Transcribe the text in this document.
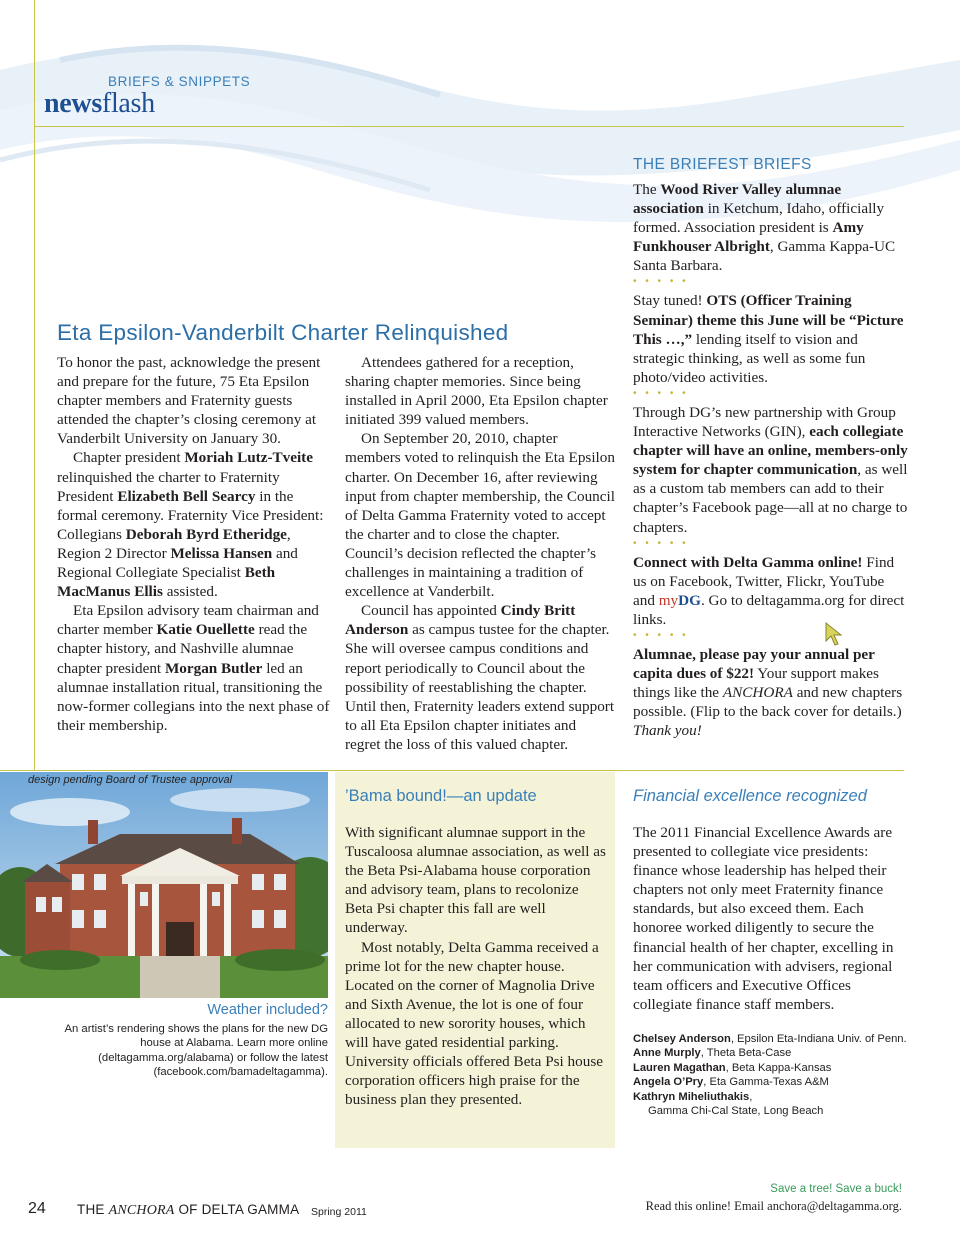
BRIEFS & SNIPPETS
newsflash
THE BRIEFEST BRIEFS

The Wood River Valley alumnae association in Ketchum, Idaho, officially formed. Association president is Amy Funkhouser Albright, Gamma Kappa-UC Santa Barbara.

• • • • •

Stay tuned! OTS (Officer Training Seminar) theme this June will be “Picture This …,” lending itself to vision and strategic thinking, as well as some fun photo/video activities.

• • • • •

Through DG’s new partnership with Group Interactive Networks (GIN), each collegiate chapter will have an online, members-only system for chapter communication, as well as a custom tab members can add to their chapter’s Facebook page—all at no charge to chapters.

• • • • •

Connect with Delta Gamma online! Find us on Facebook, Twitter, Flickr, YouTube and myDG. Go to deltagamma.org for direct links.

• • • • •

Alumnae, please pay your annual per capita dues of $22! Your support makes things like the ANCHORA and new chapters possible. (Flip to the back cover for details.) Thank you!

Eta Epsilon-Vanderbilt Charter Relinquished

To honor the past, acknowledge the present and prepare for the future, 75 Eta Epsilon chapter members and Fraternity guests attended the chapter’s closing ceremony at Vanderbilt University on January 30.

Chapter president Moriah Lutz-Tveite relinquished the charter to Fraternity President Elizabeth Bell Searcy in the formal ceremony. Fraternity Vice President: Collegians Deborah Byrd Etheridge, Region 2 Director Melissa Hansen and Regional Collegiate Specialist Beth MacManus Ellis assisted.

Eta Epsilon advisory team chairman and charter member Katie Ouellette read the chapter history, and Nashville alumnae chapter president Morgan Butler led an alumnae installation ritual, transitioning the now-former collegians into the next phase of their membership.

Attendees gathered for a reception, sharing chapter memories. Since being installed in April 2000, Eta Epsilon chapter initiated 399 valued members.

On September 20, 2010, chapter members voted to relinquish the Eta Epsilon charter. On December 16, after reviewing input from chapter membership, the Council of Delta Gamma Fraternity voted to accept the charter and to close the chapter. Council’s decision reflected the chapter’s challenges in maintaining a tradition of excellence at Vanderbilt.

Council has appointed Cindy Britt Anderson as campus tustee for the chapter. She will oversee campus conditions and report periodically to Council about the possibility of reestablishing the chapter. Until then, Fraternity leaders extend support to all Eta Epsilon chapter initiates and regret the loss of this valued chapter.

design pending Board of Trustee approval
Weather included?
An artist’s rendering shows the plans for the new DG house at Alabama. Learn more online (deltagamma.org/alabama) or follow the latest (facebook.com/bamadeltagamma).
’Bama bound!—an update

With significant alumnae support in the Tuscaloosa alumnae association, as well as the Beta Psi-Alabama house corporation and advisory team, plans to recolonize Beta Psi chapter this fall are well underway.

Most notably, Delta Gamma received a prime lot for the new chapter house. Located on the corner of Magnolia Drive and Sixth Avenue, the lot is one of four allocated to new sorority houses, which will have gated residential parking. University officials offered Beta Psi house corporation officers high praise for the business plan they presented.

Financial excellence recognized

The 2011 Financial Excellence Awards are presented to collegiate vice presidents: finance whose leadership has helped their chapters not only meet Fraternity finance standards, but also exceed them. Each honoree worked diligently to secure the financial health of her chapter, excelling in her communication with advisers, regional team officers and Executive Offices collegiate finance staff members.

Chelsey Anderson, Epsilon Eta-Indiana Univ. of Penn.
Anne Murply, Theta Beta-Case
Lauren Magathan, Beta Kappa-Kansas
Angela O’Pry, Eta Gamma-Texas A&M
Kathryn Miheliuthakis,
Gamma Chi-Cal State, Long Beach
24 THE ANCHORA OF DELTA GAMMA Spring 2011
Save a tree! Save a buck!
Read this online! Email anchora@deltagamma.org.
